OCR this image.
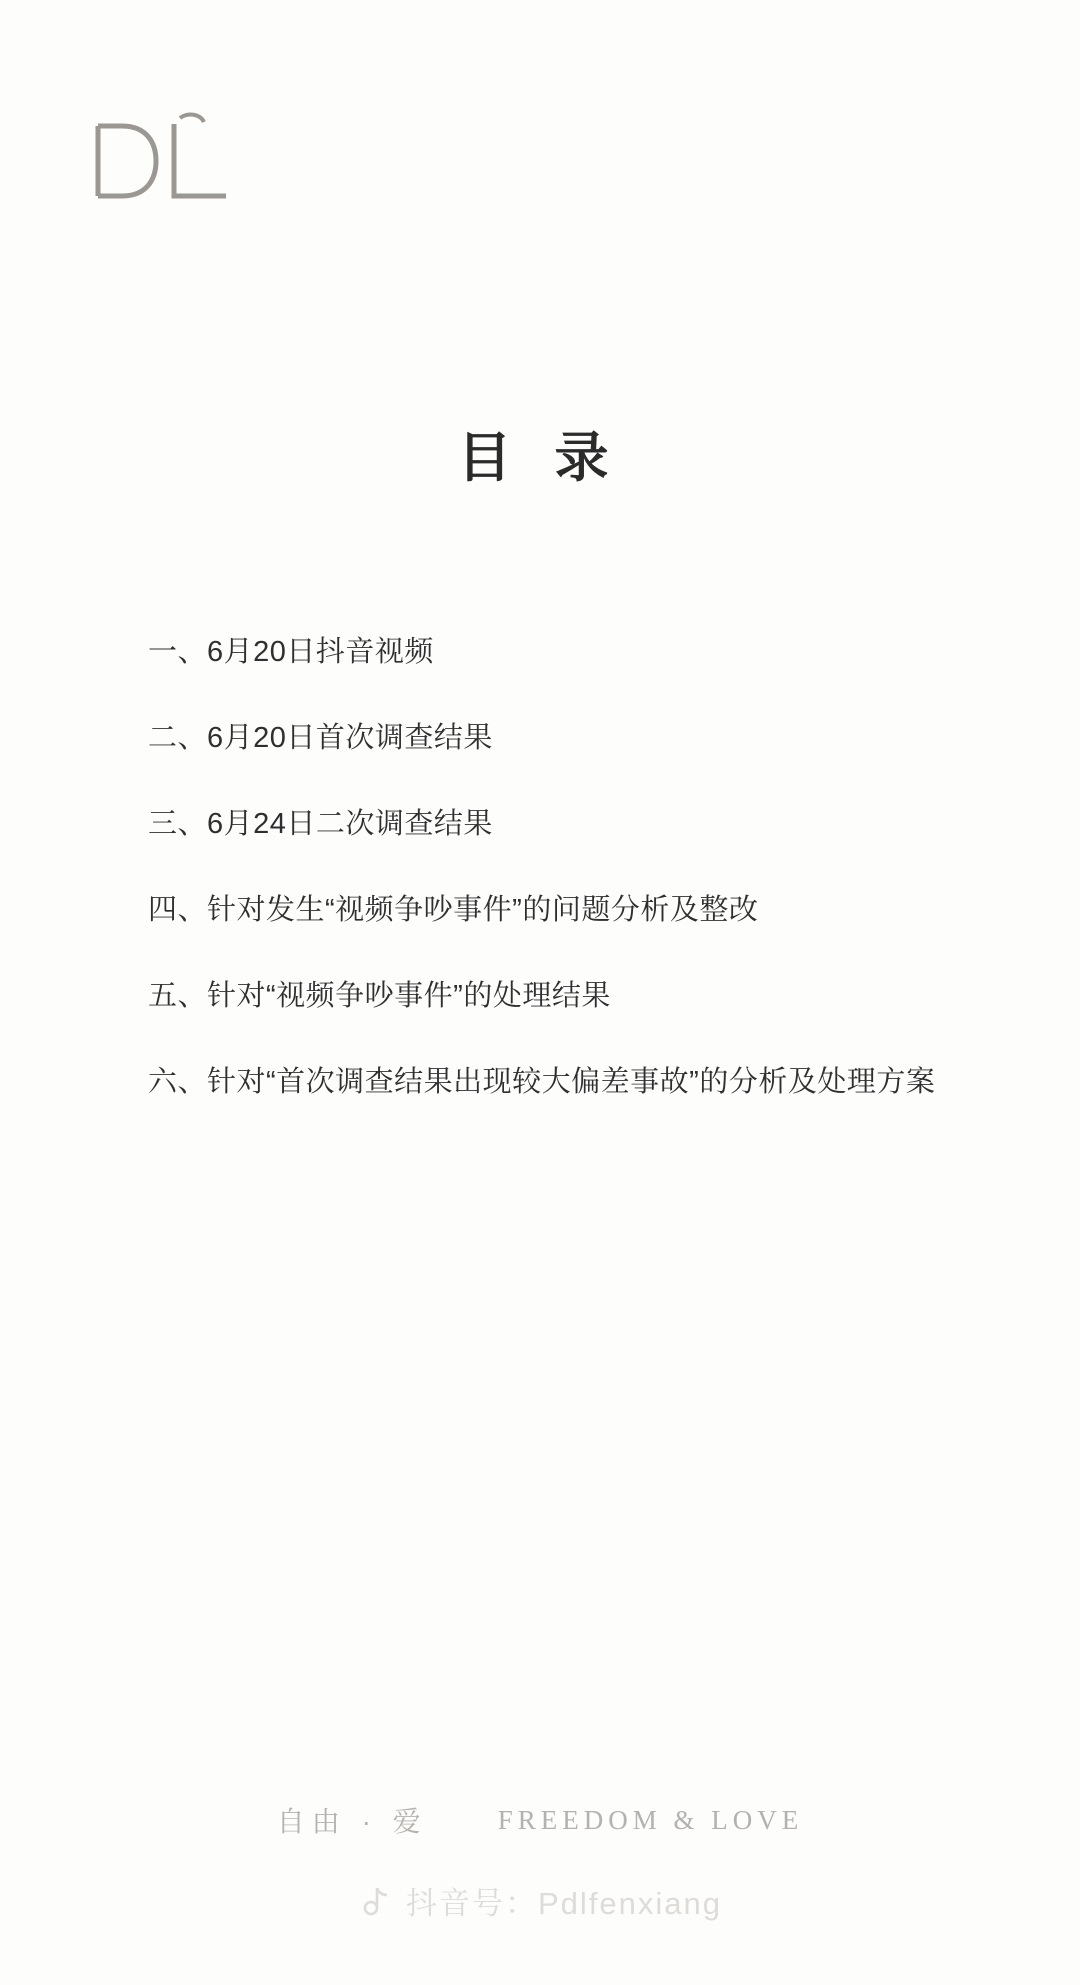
目 录
一、 6月20日抖音视频
二、 6月20日首次调查结果
三、 6月24日二次调查结果
四、 针对发生“视频争吵事件”的问题分析及整改
五、 针对“视频争吵事件”的处理结果
六、 针对“首次调查结果出现较大偏差事故”的分析及处理方案
自由 · 爱	FREEDOM & LOVE
抖音号：Pdlfenxiang
